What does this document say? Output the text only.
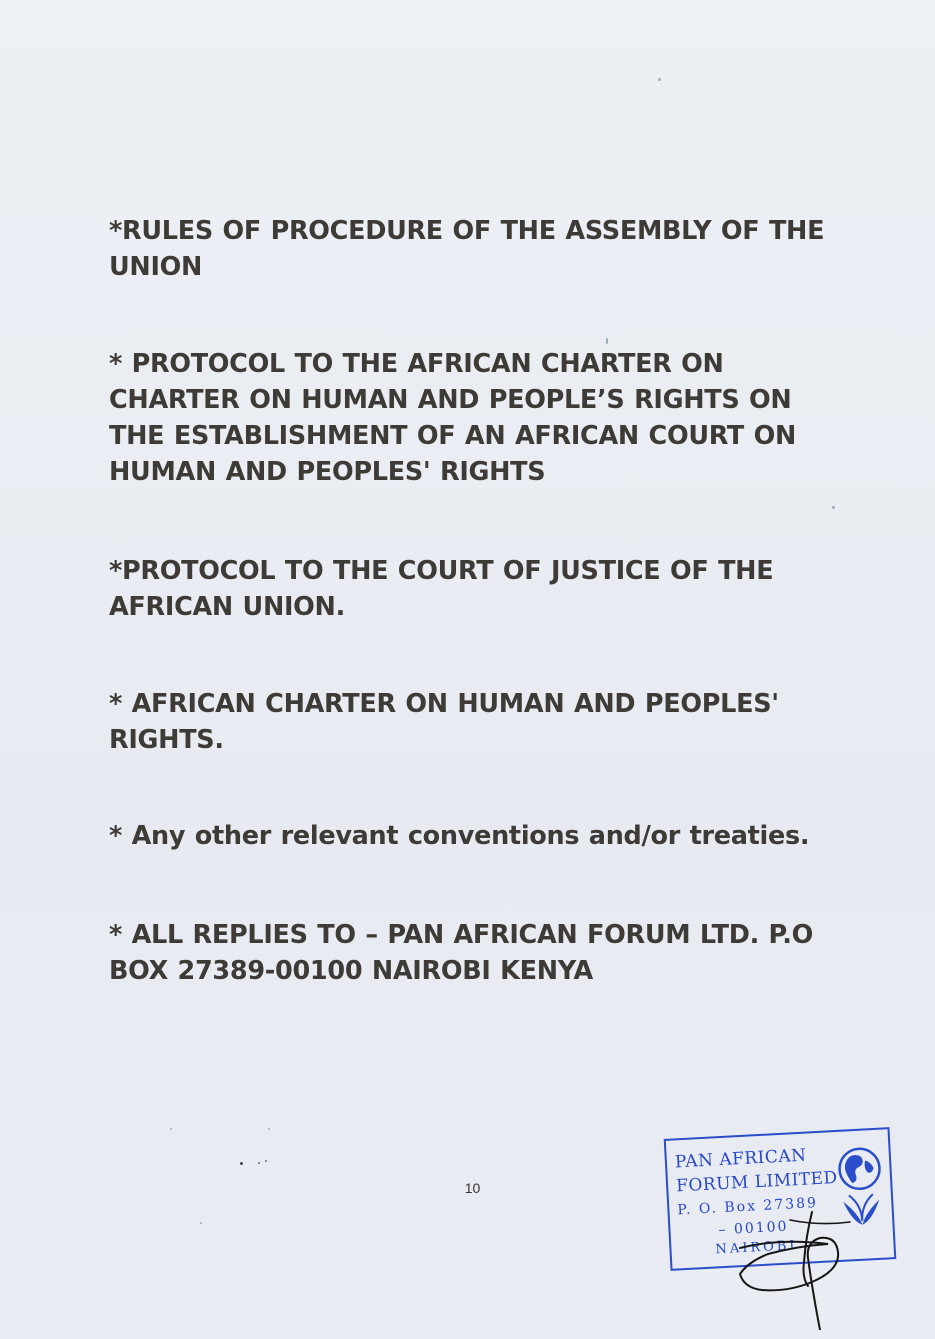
*RULES OF PROCEDURE OF THE ASSEMBLY OF THE UNION

* PROTOCOL TO THE AFRICAN CHARTER ON CHARTER ON HUMAN AND PEOPLE’S RIGHTS ON THE ESTABLISHMENT OF AN AFRICAN COURT ON HUMAN AND PEOPLES' RIGHTS

*PROTOCOL TO THE COURT OF JUSTICE OF THE AFRICAN UNION.

* AFRICAN CHARTER ON HUMAN AND PEOPLES' RIGHTS.

* Any other relevant conventions and/or treaties.

* ALL REPLIES TO – PAN AFRICAN FORUM LTD. P.O BOX 27389-00100 NAIROBI KENYA

10
PAN AFRICAN
FORUM LIMITED
P. O. Box 27389
– 00100
NAIROBI
